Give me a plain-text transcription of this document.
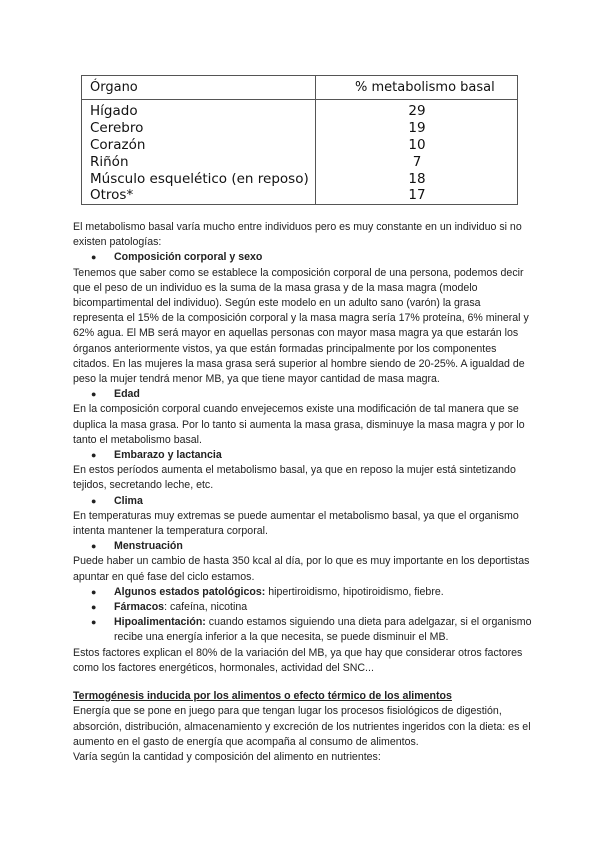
Órgano	% metabolismo basal
Hígado	29
Cerebro	19
Corazón	10
Riñón	7
Músculo esquelético (en reposo)	18
Otros*	17

El metabolismo basal varía mucho entre individuos pero es muy constante en un individuo si no existen patologías:

● Composición corporal y sexo

Tenemos que saber como se establece la composición corporal de una persona, podemos decir que el peso de un individuo es la suma de la masa grasa y de la masa magra (modelo bicompartimental del individuo). Según este modelo en un adulto sano (varón) la grasa representa el 15% de la composición corporal y la masa magra sería 17% proteína, 6% mineral y 62% agua. El MB será mayor en aquellas personas con mayor masa magra ya que estarán los órganos anteriormente vistos, ya que están formadas principalmente por los componentes citados. En las mujeres la masa grasa será superior al hombre siendo de 20-25%. A igualdad de peso la mujer tendrá menor MB, ya que tiene mayor cantidad de masa magra.

● Edad

En la composición corporal cuando envejecemos existe una modificación de tal manera que se duplica la masa grasa. Por lo tanto si aumenta la masa grasa, disminuye la masa magra y por lo tanto el metabolismo basal.

● Embarazo y lactancia

En estos períodos aumenta el metabolismo basal, ya que en reposo la mujer está sintetizando tejidos, secretando leche, etc.

● Clima

En temperaturas muy extremas se puede aumentar el metabolismo basal, ya que el organismo intenta mantener la temperatura corporal.

● Menstruación

Puede haber un cambio de hasta 350 kcal al día, por lo que es muy importante en los deportistas apuntar en qué fase del ciclo estamos.

● Algunos estados patológicos: hipertiroidismo, hipotiroidismo, fiebre.

● Fármacos: cafeína, nicotina

● Hipoalimentación: cuando estamos siguiendo una dieta para adelgazar, si el organismo recibe una energía inferior a la que necesita, se puede disminuir el MB.

Estos factores explican el 80% de la variación del MB, ya que hay que considerar otros factores como los factores energéticos, hormonales, actividad del SNC...

Termogénesis inducida por los alimentos o efecto térmico de los alimentos

Energía que se pone en juego para que tengan lugar los procesos fisiológicos de digestión, absorción, distribución, almacenamiento y excreción de los nutrientes ingeridos con la dieta: es el aumento en el gasto de energía que acompaña al consumo de alimentos.

Varía según la cantidad y composición del alimento en nutrientes:
